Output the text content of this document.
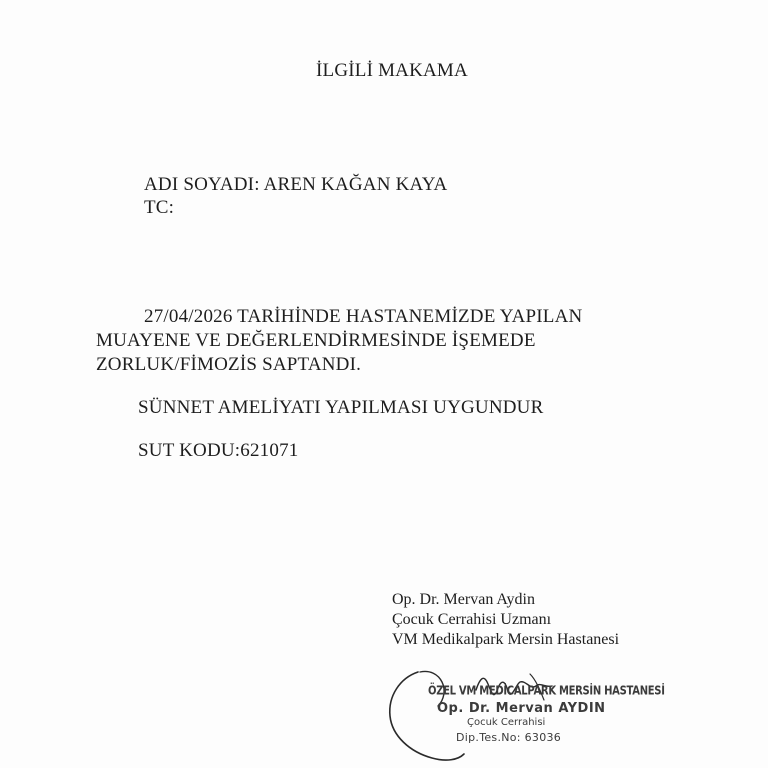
İLGİLİ MAKAMA
ADI SOYADI: AREN KAĞAN KAYA
TC:
27/04/2026 TARİHİNDE HASTANEMİZDE YAPILAN
MUAYENE VE DEĞERLENDİRMESİNDE İŞEMEDE
ZORLUK/FİMOZİS SAPTANDI.
SÜNNET AMELİYATI YAPILMASI UYGUNDUR
SUT KODU:621071
Op. Dr. Mervan Aydin
Çocuk Cerrahisi Uzmanı
VM Medikalpark Mersin Hastanesi
ÖZEL VM MEDİCALPARK MERSİN HASTANESİ
Op. Dr. Mervan AYDIN
Çocuk Cerrahisi
Dip.Tes.No: 63036
